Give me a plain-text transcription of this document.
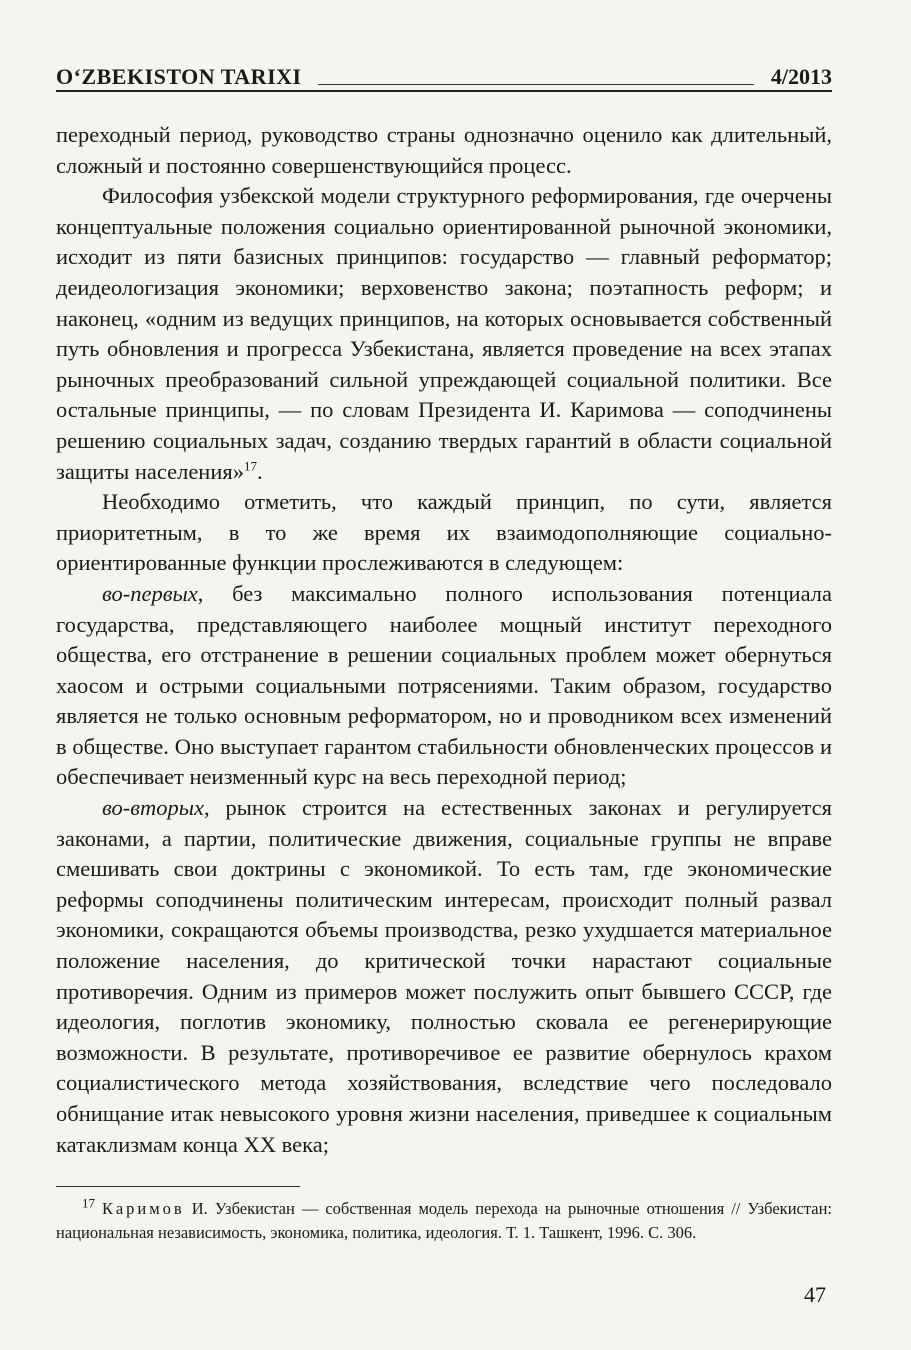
O‘ZBEKISTON TARIXI	4/2013

переходный период, руководство страны однозначно оценило как длительный, сложный и постоянно совершенствующийся процесс.

Философия узбекской модели структурного реформирования, где очерчены концептуальные положения социально ориентированной рыночной экономики, исходит из пяти базисных принципов: государство — главный реформатор; деидеологизация экономики; верховенство закона; поэтапность реформ; и наконец, «одним из ведущих принципов, на которых основывается собственный путь обновления и прогресса Узбекистана, является проведение на всех этапах рыночных преобразований сильной упреждающей социальной политики. Все остальные принципы, — по словам Президента И. Каримова — соподчинены решению социальных задач, созданию твердых гарантий в области социальной защиты населения»$^{17}$.

Необходимо отметить, что каждый принцип, по сути, является приоритетным, в то же время их взаимодополняющие социально-ориентированные функции прослеживаются в следующем:

во-первых, без максимально полного использования потенциала государства, представляющего наиболее мощный институт переходного общества, его отстранение в решении социальных проблем может обернуться хаосом и острыми социальными потрясениями. Таким образом, государство является не только основным реформатором, но и проводником всех изменений в обществе. Оно выступает гарантом стабильности обновленческих процессов и обеспечивает неизменный курс на весь переходной период;

во-вторых, рынок строится на естественных законах и регулируется законами, а партии, политические движения, социальные группы не вправе смешивать свои доктрины с экономикой. То есть там, где экономические реформы соподчинены политическим интересам, происходит полный развал экономики, сокращаются объемы производства, резко ухудшается материальное положение населения, до критической точки нарастают социальные противоречия. Одним из примеров может послужить опыт бывшего СССР, где идеология, поглотив экономику, полностью сковала ее регенерирующие возможности. В результате, противоречивое ее развитие обернулось крахом социалистического метода хозяйствования, вследствие чего последовало обнищание итак невысокого уровня жизни населения, приведшее к социальным катаклизмам конца XX века;

$^{17}$ Каримов И. Узбекистан — собственная модель перехода на рыночные отношения // Узбекистан: национальная независимость, экономика, политика, идеология. Т. 1. Ташкент, 1996. С. 306.
47
